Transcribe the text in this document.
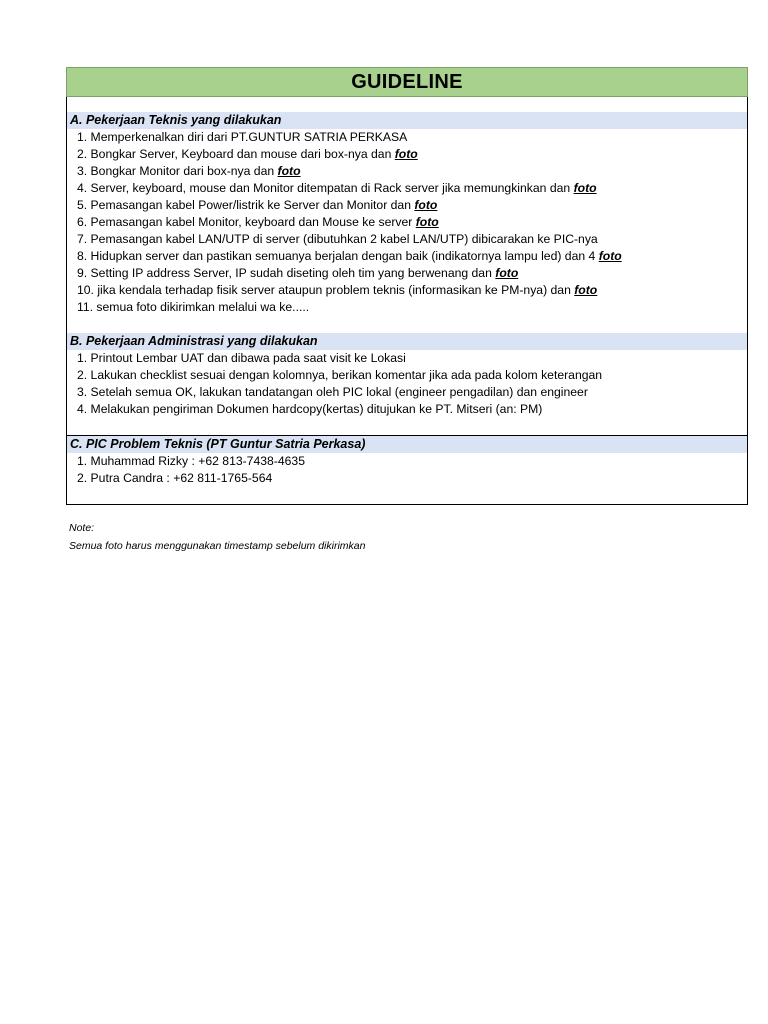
GUIDELINE
A. Pekerjaan Teknis yang dilakukan
1. Memperkenalkan diri dari PT.GUNTUR SATRIA PERKASA
2. Bongkar Server, Keyboard dan mouse dari box-nya dan foto
3. Bongkar Monitor dari box-nya dan foto
4. Server, keyboard, mouse dan Monitor ditempatan di Rack server jika memungkinkan dan foto
5. Pemasangan kabel Power/listrik ke Server dan Monitor dan foto
6. Pemasangan kabel Monitor, keyboard dan Mouse ke server foto
7. Pemasangan kabel LAN/UTP di server (dibutuhkan 2 kabel LAN/UTP) dibicarakan ke PIC-nya
8. Hidupkan server dan pastikan semuanya berjalan dengan baik (indikatornya lampu led) dan 4 foto
9. Setting IP address Server, IP sudah diseting oleh tim yang berwenang dan foto
10. jika kendala terhadap fisik server ataupun problem teknis (informasikan ke PM-nya) dan foto
11. semua foto dikirimkan melalui wa ke.....
B. Pekerjaan Administrasi yang dilakukan
1. Printout Lembar UAT dan dibawa pada saat visit ke Lokasi
2. Lakukan checklist sesuai dengan kolomnya, berikan komentar jika ada pada kolom keterangan
3. Setelah semua OK, lakukan tandatangan oleh PIC lokal (engineer pengadilan) dan engineer
4. Melakukan pengiriman Dokumen hardcopy(kertas) ditujukan ke PT. Mitseri (an: PM)
C. PIC Problem Teknis (PT Guntur Satria Perkasa)
1. Muhammad Rizky : +62 813-7438-4635
2. Putra Candra : +62 811-1765-564
Note:
Semua foto harus menggunakan timestamp sebelum dikirimkan
